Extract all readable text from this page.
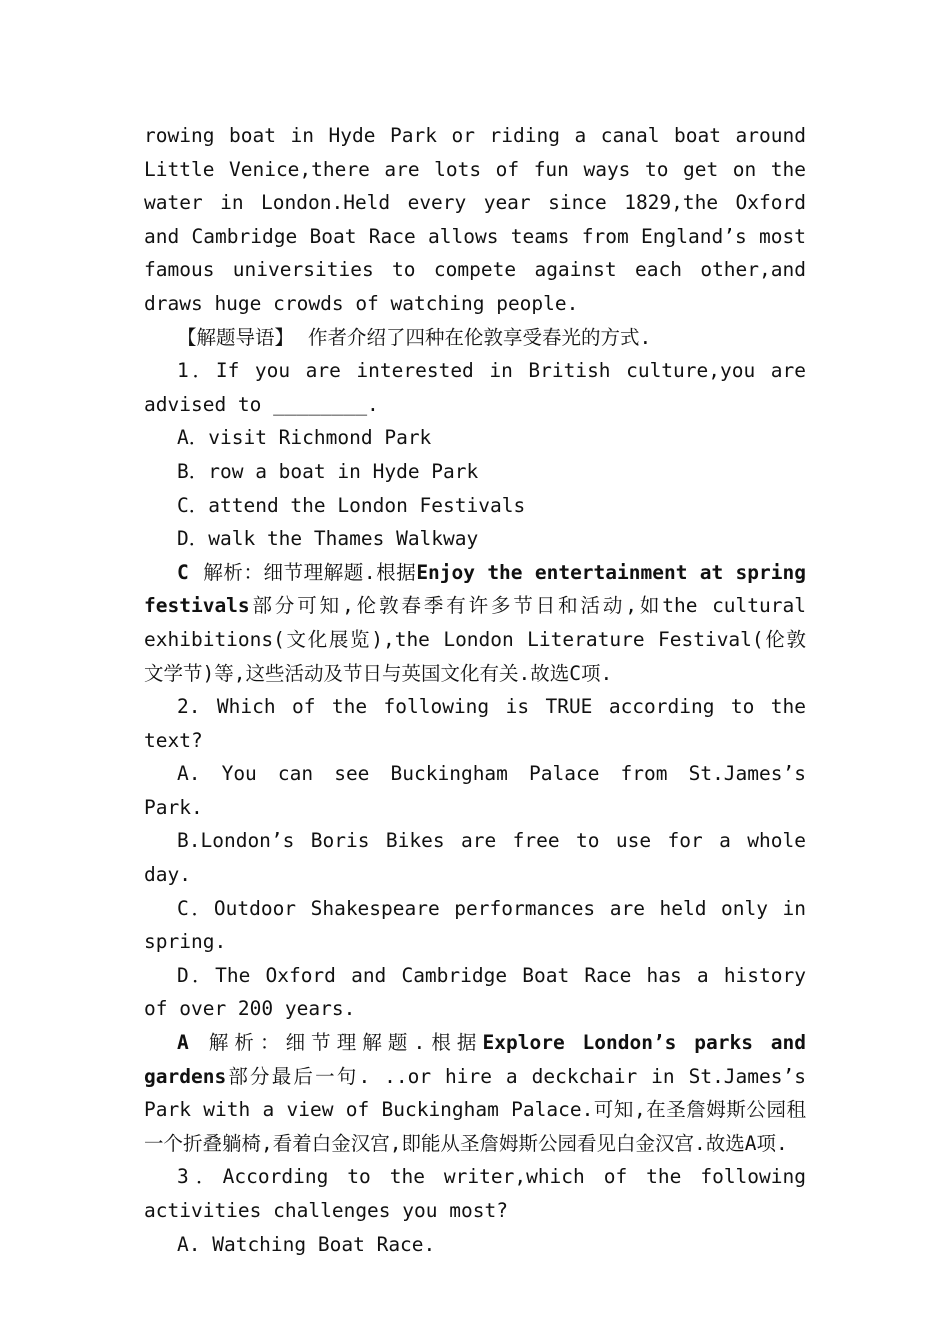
rowing boat in Hyde Park or riding a canal boat around Little Venice,there are lots of fun ways to get on the water in London.Held every year since 1829,the Oxford and Cambridge Boat Race allows teams from England’s most famous universities to compete against each other,and draws huge crowds of watching people.

【解题导语】 作者介绍了四种在伦敦享受春光的方式.

1．If you are interested in British culture,you are advised to ________.

A．visit Richmond Park

B．row a boat in Hyde Park

C．attend the London Festivals

D．walk the Thames Walkway

C 解析：细节理解题.根据Enjoy the entertainment at spring festivals部分可知,伦敦春季有许多节日和活动,如the cultural exhibitions(文化展览),the London Literature Festival(伦敦文学节)等,这些活动及节日与英国文化有关.故选C项.

2. Which of the following is TRUE according to the text?

A. You can see Buckingham Palace from St.James’s Park.

B.London’s Boris Bikes are free to use for a whole day.

C．Outdoor Shakespeare performances are held only in spring.

D．The Oxford and Cambridge Boat Race has a history of over 200 years.

A 解析：细节理解题.根据Explore London’s parks and gardens部分最后一句. ..or hire a deckchair in St.James’s Park with a view of Buckingham Palace.可知,在圣詹姆斯公园租一个折叠躺椅,看着白金汉宫,即能从圣詹姆斯公园看见白金汉宫.故选A项.

3．According to the writer,which of the following activities challenges you most?

A. Watching Boat Race.
